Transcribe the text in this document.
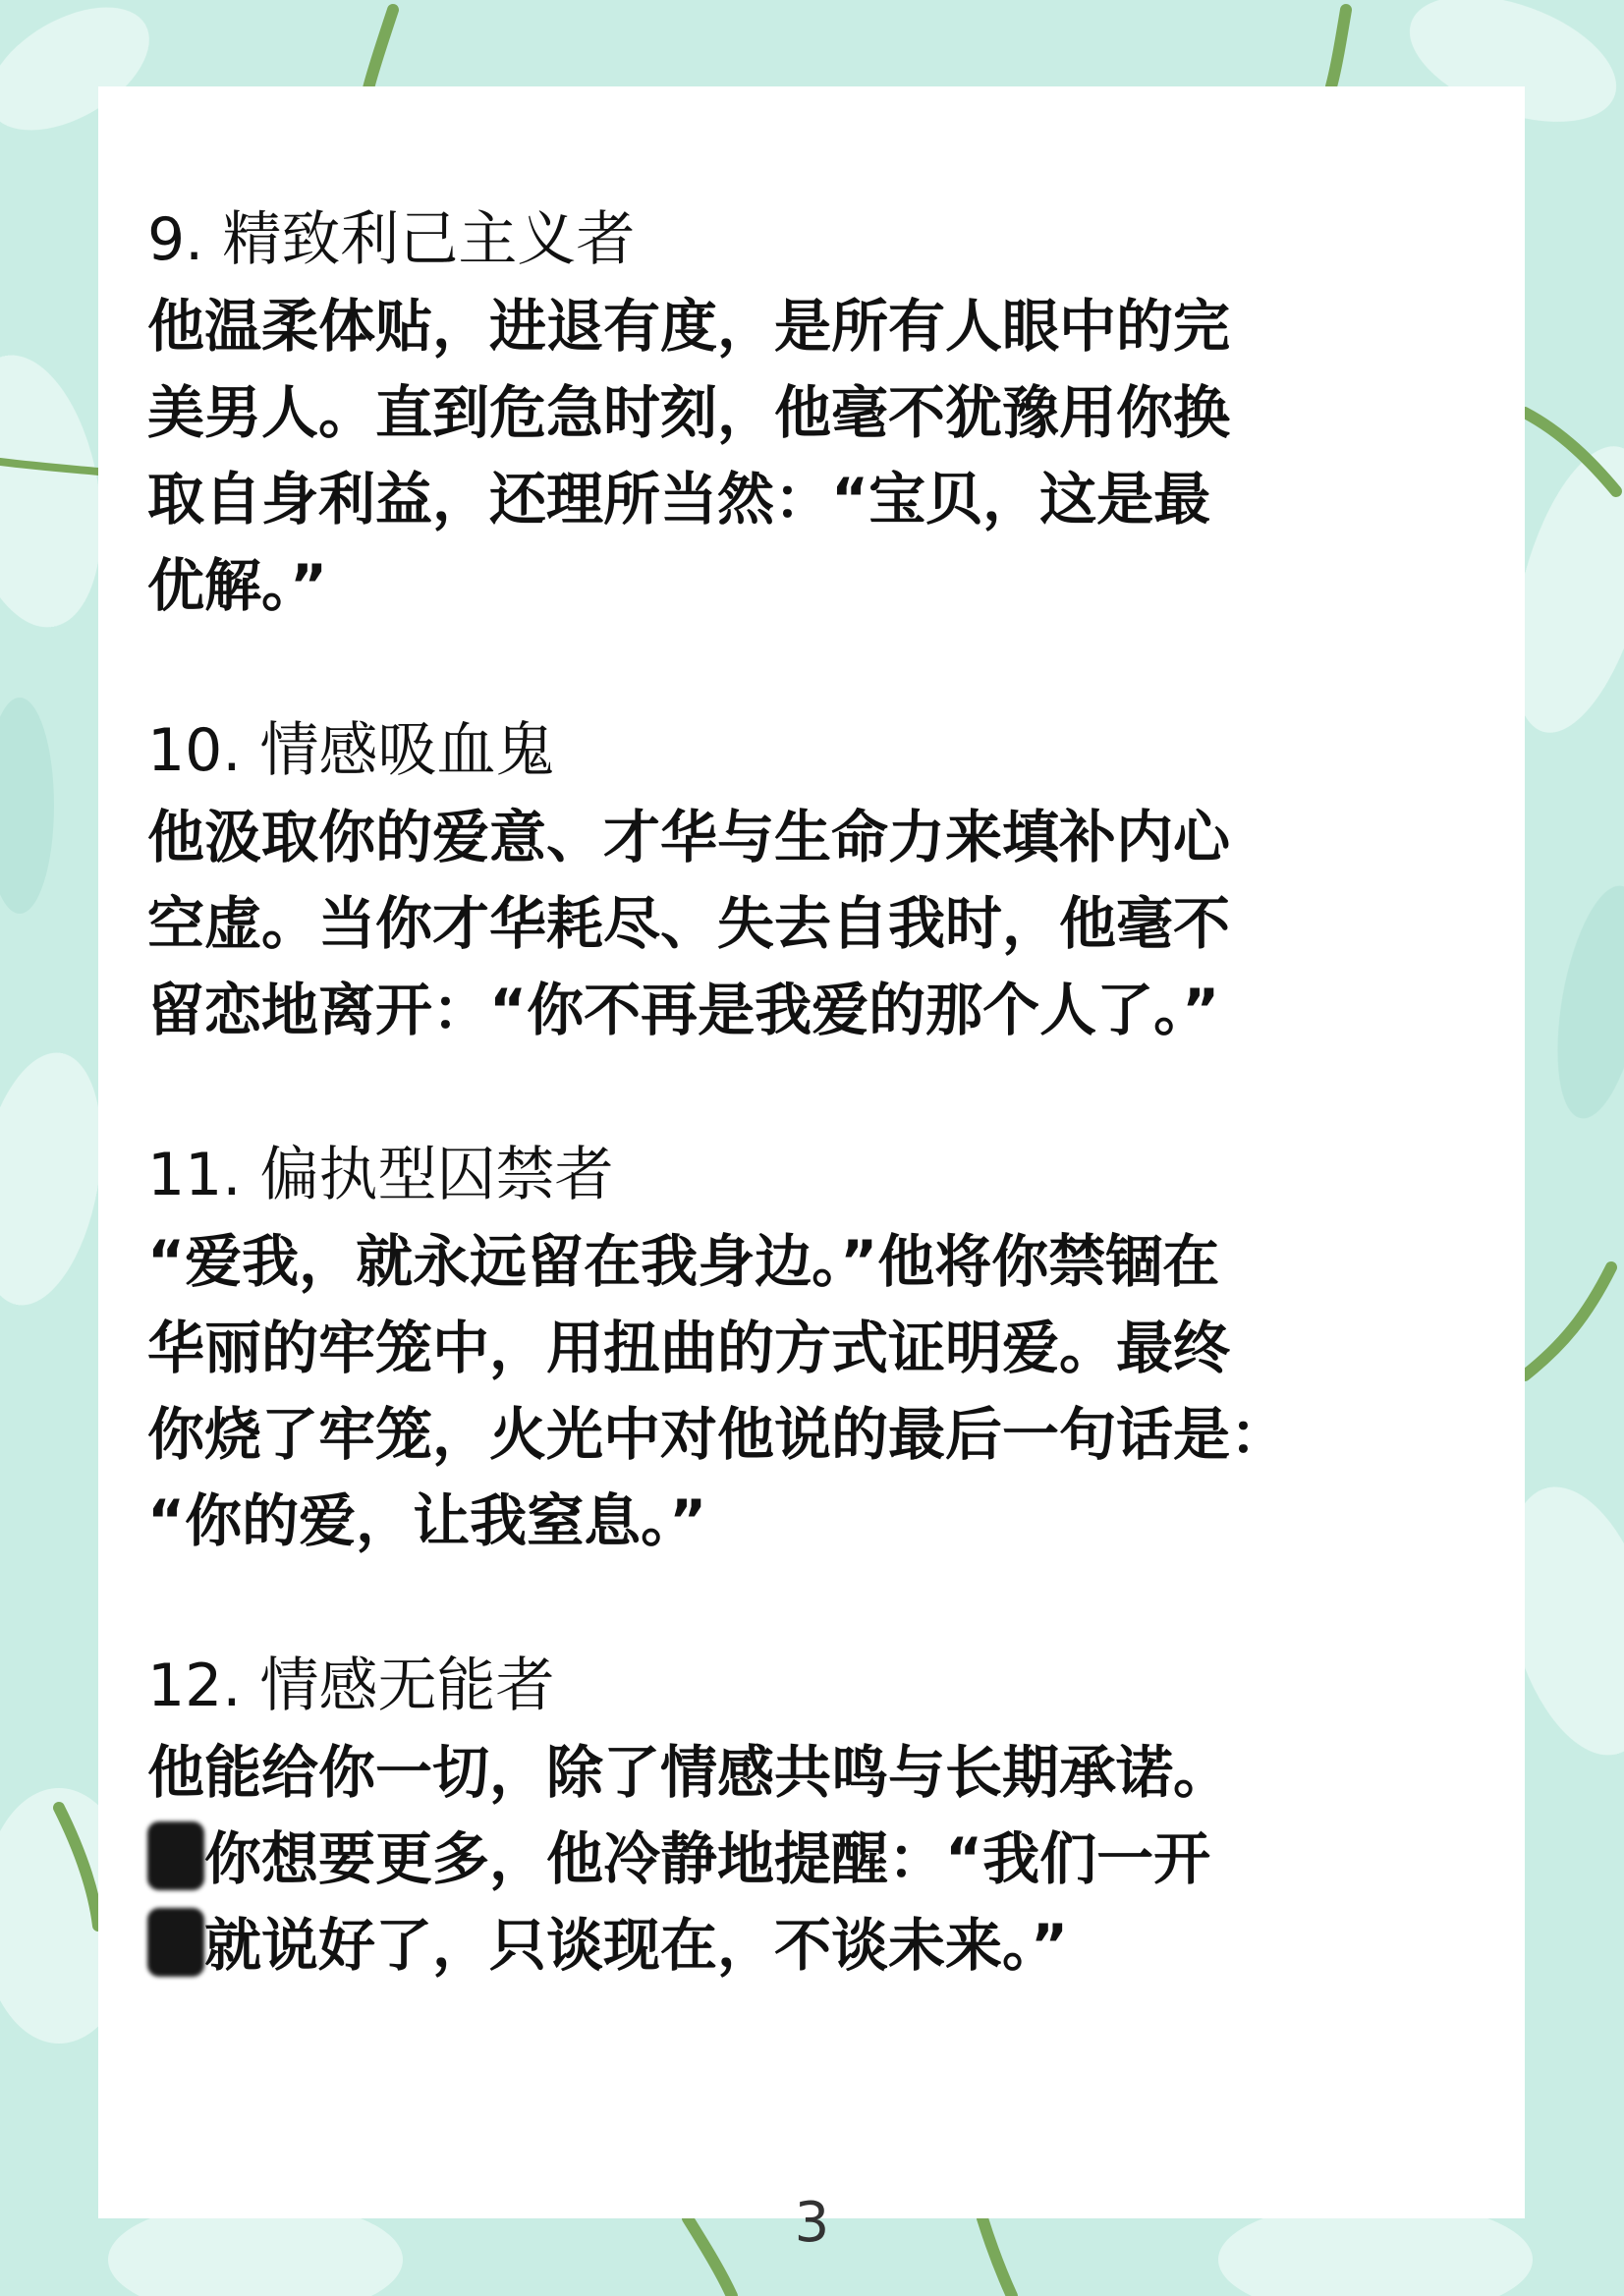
9. 精致利己主义者

他温柔体贴，进退有度，是所有人眼中的完

美男人。直到危急时刻，他毫不犹豫用你换

取自身利益，还理所当然：“宝贝，这是最

优解。”

10. 情感吸血鬼

他汲取你的爱意、才华与生命力来填补内心

空虚。当你才华耗尽、失去自我时，他毫不

留恋地离开：“你不再是我爱的那个人了。”

11. 偏执型囚禁者

“爱我，就永远留在我身边。”他将你禁锢在

华丽的牢笼中，用扭曲的方式证明爱。最终

你烧了牢笼，火光中对他说的最后一句话是：

“你的爱，让我窒息。”

12. 情感无能者

他能给你一切，除了情感共鸣与长期承诺。

你想要更多，他冷静地提醒：“我们一开

就说好了，只谈现在，不谈未来。”

3
